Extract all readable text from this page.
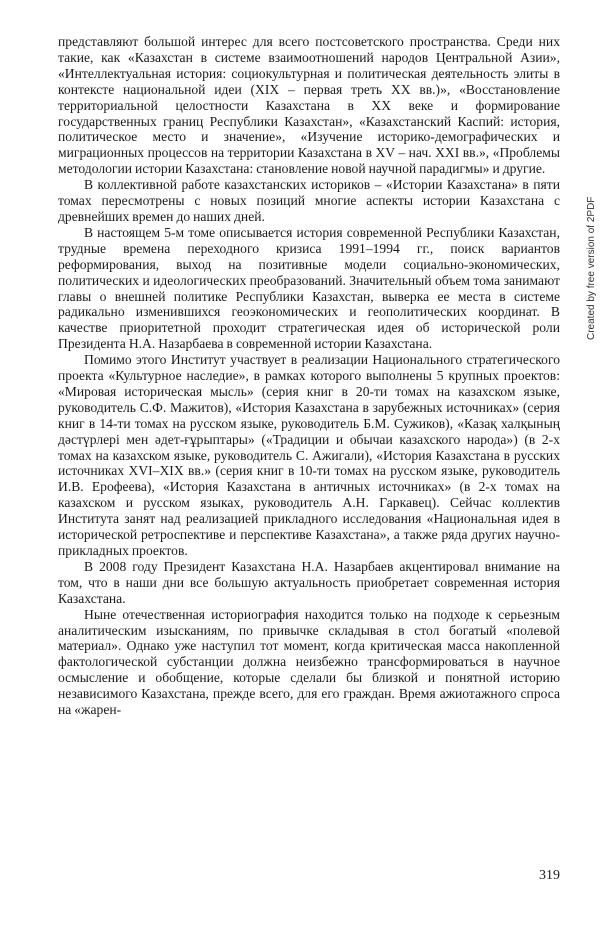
представляют большой интерес для всего постсоветского пространства. Среди них такие, как «Казахстан в системе взаимоотношений народов Центральной Азии», «Интеллектуальная история: социокультурная и политическая деятельность элиты в контексте национальной идеи (XIX – первая треть XX вв.)», «Восстановление территориальной целостности Казахстана в XX веке и формирование государственных границ Республики Казахстан», «Казахстанский Каспий: история, политическое место и значение», «Изучение историко-демографических и миграционных процессов на территории Казахстана в XV – нач. XXI вв.», «Проблемы методологии истории Казахстана: становление новой научной парадигмы» и другие.

В коллективной работе казахстанских историков – «Истории Казахстана» в пяти томах пересмотрены с новых позиций многие аспекты истории Казахстана с древнейших времен до наших дней.

В настоящем 5-м томе описывается история современной Республики Казахстан, трудные времена переходного кризиса 1991–1994 гг., поиск вариантов реформирования, выход на позитивные модели социально-экономических, политических и идеологических преобразований. Значительный объем тома занимают главы о внешней политике Республики Казахстан, выверка ее места в системе радикально изменившихся геоэкономических и геополитических координат. В качестве приоритетной проходит стратегическая идея об исторической роли Президента Н.А. Назарбаева в современной истории Казахстана.

Помимо этого Институт участвует в реализации Национального стратегического проекта «Культурное наследие», в рамках которого выполнены 5 крупных проектов: «Мировая историческая мысль» (серия книг в 20-ти томах на казахском языке, руководитель С.Ф. Мажитов), «История Казахстана в зарубежных источниках» (серия книг в 14-ти томах на русском языке, руководитель Б.М. Сужиков), «Казақ халқының дәстүрлері мен әдет-ғұрыптары» («Традиции и обычаи казахского народа») (в 2-х томах на казахском языке, руководитель С. Ажигали), «История Казахстана в русских источниках XVI–XIX вв.» (серия книг в 10-ти томах на русском языке, руководитель И.В. Ерофеева), «История Казахстана в античных источниках» (в 2-х томах на казахском и русском языках, руководитель А.Н. Гаркавец). Сейчас коллектив Института занят над реализацией прикладного исследования «Национальная идея в исторической ретроспективе и перспективе Казахстана», а также ряда других научно-прикладных проектов.

В 2008 году Президент Казахстана Н.А. Назарбаев акцентировал внимание на том, что в наши дни все большую актуальность приобретает современная история Казахстана.

Ныне отечественная историография находится только на подходе к серьезным аналитическим изысканиям, по привычке складывая в стол богатый «полевой материал». Однако уже наступил тот момент, когда критическая масса накопленной фактологической субстанции должна неизбежно трансформироваться в научное осмысление и обобщение, которые сделали бы близкой и понятной историю независимого Казахстана, прежде всего, для его граждан. Время ажиотажного спроса на «жарен-

319
Created by free version of 2PDF
